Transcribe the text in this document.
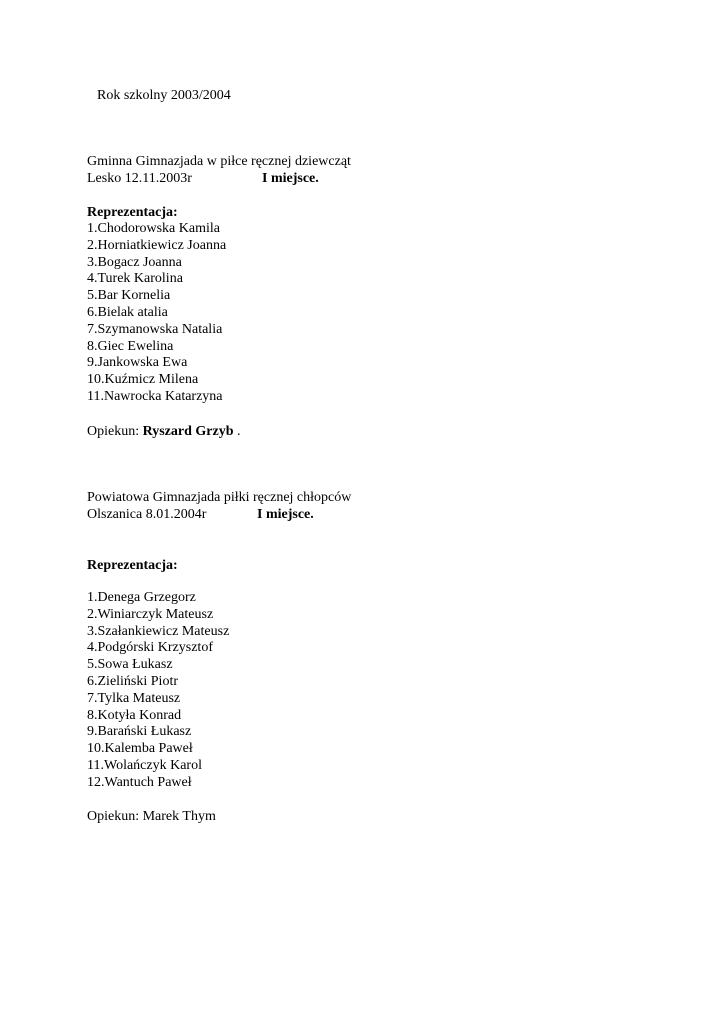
Rok szkolny 2003/2004
Gminna Gimnazjada w piłce ręcznej dziewcząt
Lesko 12.11.2003r	I miejsce.
Reprezentacja:
1.Chodorowska Kamila
2.Horniatkiewicz Joanna
3.Bogacz Joanna
4.Turek Karolina
5.Bar Kornelia
6.Bielak atalia
7.Szymanowska Natalia
8.Giec Ewelina
9.Jankowska Ewa
10.Kuźmicz Milena
11.Nawrocka Katarzyna
Opiekun: Ryszard Grzyb .
Powiatowa Gimnazjada piłki ręcznej chłopców
Olszanica 8.01.2004r	I miejsce.
Reprezentacja:
1.Denega Grzegorz
2.Winiarczyk Mateusz
3.Szałankiewicz Mateusz
4.Podgórski Krzysztof
5.Sowa Łukasz
6.Zieliński Piotr
7.Tylka Mateusz
8.Kotyła Konrad
9.Barański Łukasz
10.Kalemba Paweł
11.Wolańczyk Karol
12.Wantuch Paweł
Opiekun: Marek Thym
